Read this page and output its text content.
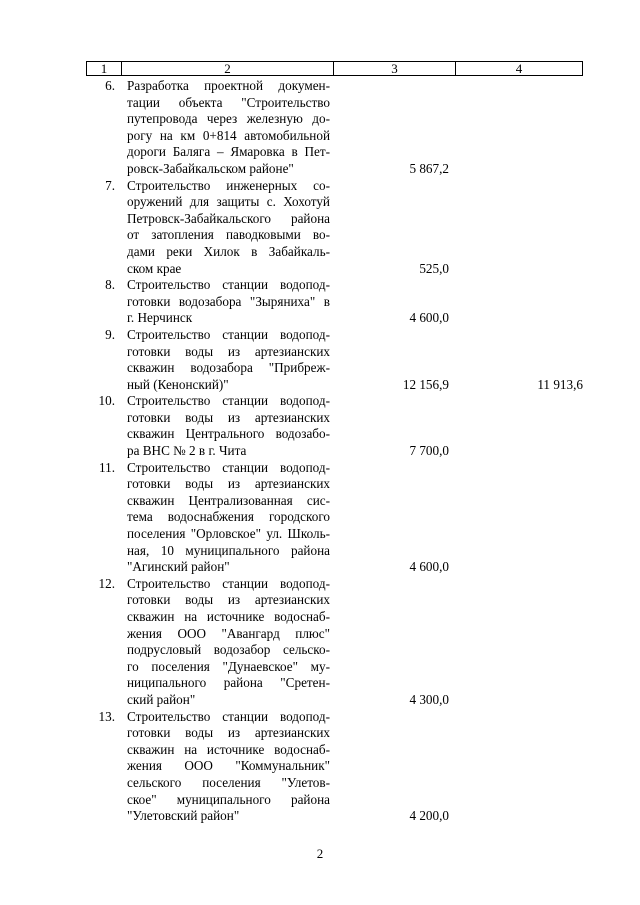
1	2	3	4
6. Разработка проектной докумен-
тации объекта "Строительство
путепровода через железную до-
рогу на км 0+814 автомобильной
дороги Баляга – Ямаровка в Пет-
ровск-Забайкальском районе"	5 867,2
7. Строительство инженерных со-
оружений для защиты с. Хохотуй
Петровск-Забайкальского района
от затопления паводковыми во-
дами реки Хилок в Забайкаль-
ском крае	525,0
8. Строительство станции водопод-
готовки водозабора "Зыряниха" в
г. Нерчинск	4 600,0
9. Строительство станции водопод-
готовки воды из артезианских
скважин водозабора "Прибреж-
ный (Кенонский)"	12 156,9	11 913,6
10. Строительство станции водопод-
готовки воды из артезианских
скважин Центрального водозабо-
ра ВНС № 2 в г. Чита	7 700,0
11. Строительство станции водопод-
готовки воды из артезианских
скважин Централизованная сис-
тема водоснабжения городского
поселения "Орловское" ул. Школь-
ная, 10 муниципального района
"Агинский район"	4 600,0
12. Строительство станции водопод-
готовки воды из артезианских
скважин на источнике водоснаб-
жения ООО "Авангард плюс"
подрусловый водозабор сельско-
го поселения "Дунаевское" му-
ниципального района "Сретен-
ский район"	4 300,0
13. Строительство станции водопод-
готовки воды из артезианских
скважин на источнике водоснаб-
жения ООО "Коммунальник"
сельского поселения "Улетов-
ское" муниципального района
"Улетовский район"	4 200,0
2
